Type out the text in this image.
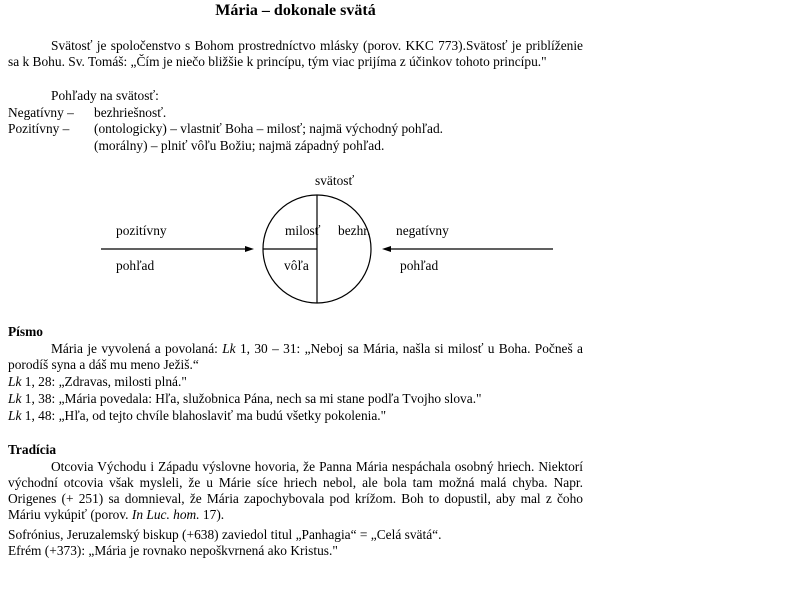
Mária – dokonale svätá
Svätosť je spoločenstvo s Bohom prostredníctvo mlásky (porov. KKC 773).Svätosť je priblíženie sa k Bohu. Sv. Tomáš: „Čím je niečo bližšie k princípu, tým viac prijíma z účinkov tohoto princípu."
Pohľady na svätosť:
Negatívny – bezhriešnosť.
Pozitívny – (ontologicky) – vlastniť Boha – milosť; najmä východný pohľad.
(morálny) – plniť vôľu Božiu; najmä západný pohľad.
Písmo
Mária je vyvolená a povolaná: Lk 1, 30 – 31: „Neboj sa Mária, našla si milosť u Boha. Počneš a porodíš syna a dáš mu meno Ježiš.“
Lk 1, 28: „Zdravas, milosti plná."
Lk 1, 38: „Mária povedala: Hľa, služobnica Pána, nech sa mi stane podľa Tvojho slova."
Lk 1, 48: „Hľa, od tejto chvíle blahoslaviť ma budú všetky pokolenia."
Tradícia
Otcovia Východu i Západu výslovne hovoria, že Panna Mária nespáchala osobný hriech. Niektorí východní otcovia však mysleli, že u Márie síce hriech nebol, ale bola tam možná malá chyba. Napr. Origenes (+ 251) sa domnieval, že Mária zapochybovala pod krížom. Boh to dopustil, aby mal z čoho Máriu vykúpiť (porov. In Luc. hom. 17).
Sofrónius, Jeruzalemský biskup (+638) zaviedol titul „Panhagia“ = „Celá svätá“.
Efrém (+373): „Mária je rovnako nepoškvrnená ako Kristus."
svätosť
pozitívny
pohľad
negatívny
pohľad
milosť bezhr.
vôľa
